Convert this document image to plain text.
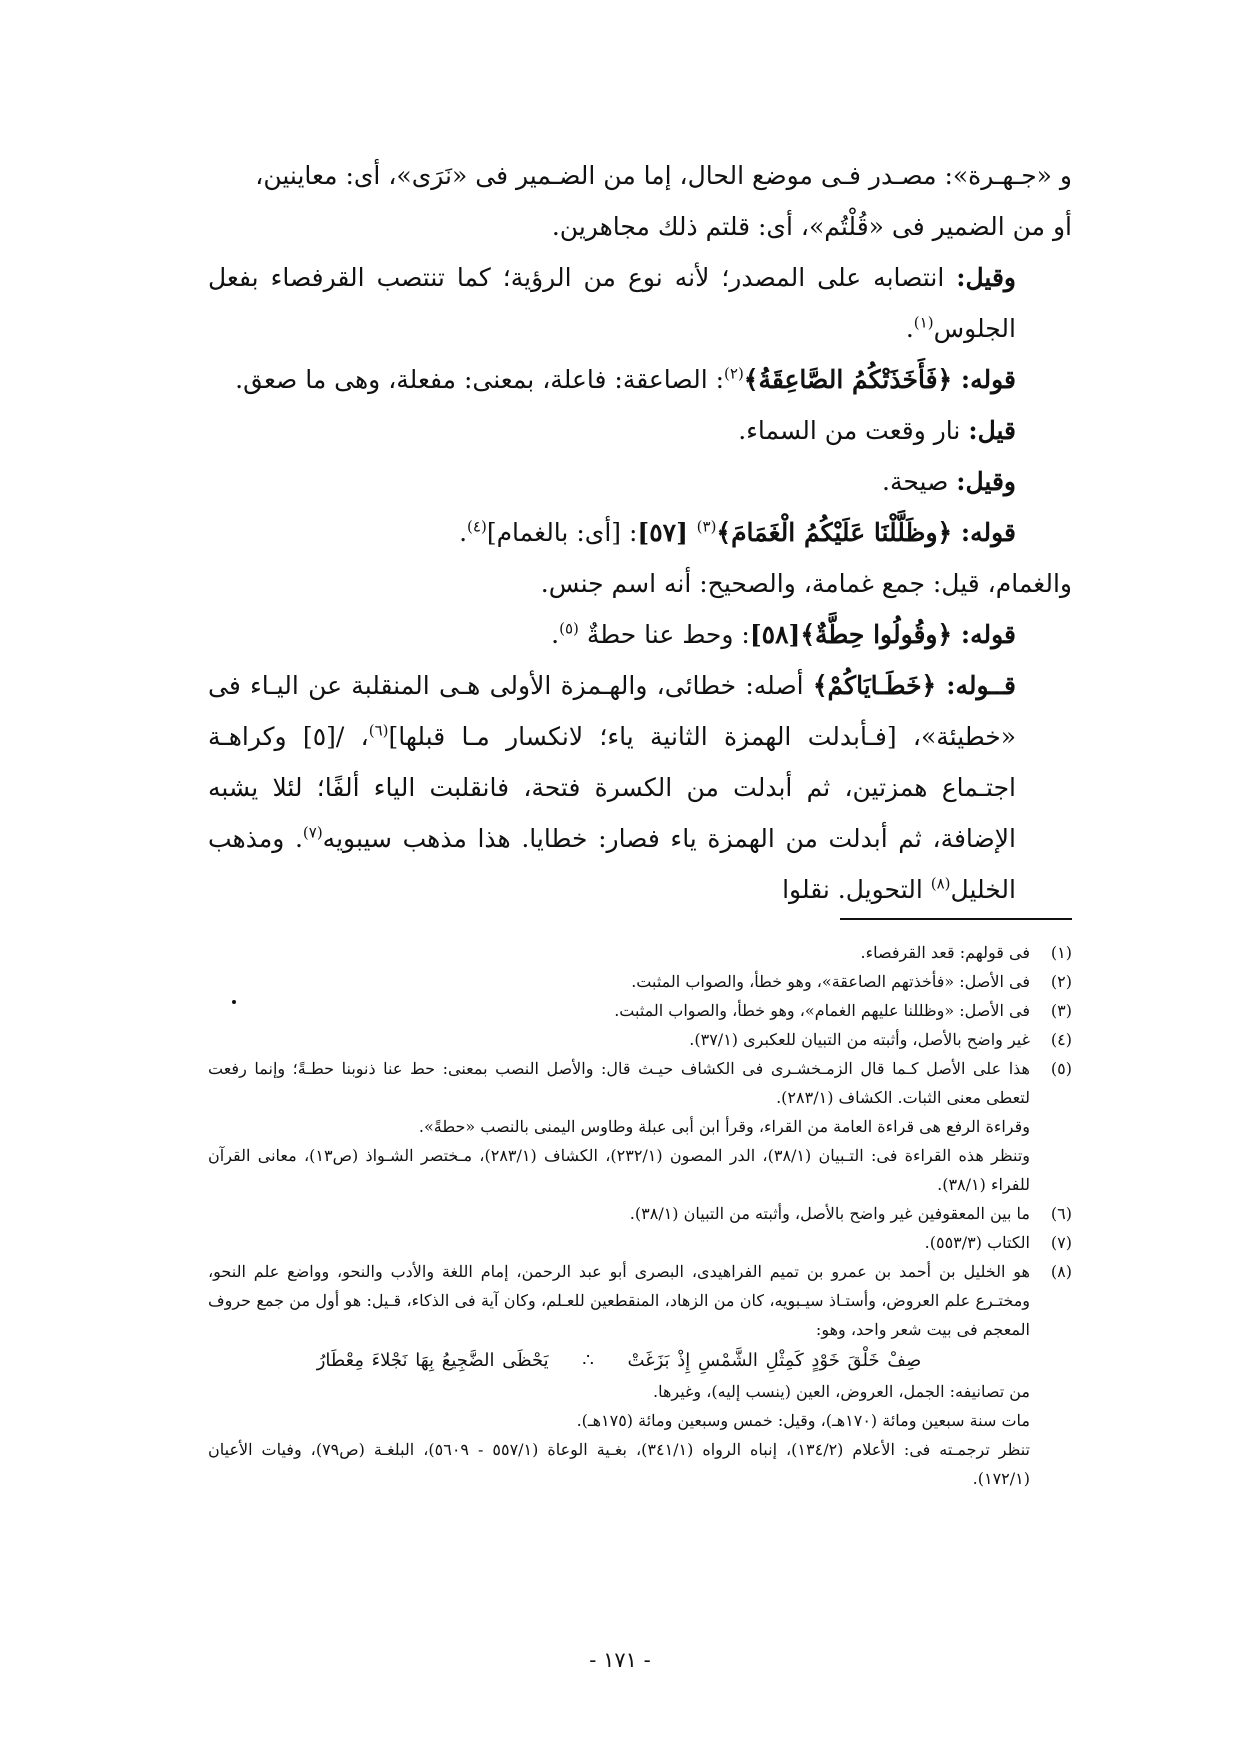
و «جـهـرة»: مصـدر فـى موضع الحال، إما من الضـمير فى «نَرَى»، أى: معاينين،
أو من الضمير فى «قُلْتُم»، أى: قلتم ذلك مجاهرين.

وقيل: انتصابه على المصدر؛ لأنه نوع من الرؤية؛ كما تنتصب القرفصاء بفعل الجلوس$^{(١)}$.

قوله: ﴿فَأَخَذَتْكُمُ الصَّاعِقَةُ﴾$^{(٢)}$: الصاعقة: فاعلة، بمعنى: مفعلة، وهى ما صعق.

قيل: نار وقعت من السماء.

وقيل: صيحة.

قوله: ﴿وظَلَّلْنَا عَلَيْكُمُ الْغَمَامَ﴾$^{(٣)}$ [٥٧]: [أى: بالغمام]$^{(٤)}$.

والغمام، قيل: جمع غمامة، والصحيح: أنه اسم جنس.

قوله: ﴿وقُولُوا حِطَّةٌ﴾[٥٨]: وحط عنا حطةٌ $^{(٥)}$.

قــوله: ﴿خَطَـايَاكُمْ﴾ أصله: خطائى، والهـمزة الأولى هـى المنقلبة عن اليـاء فى «خطيئة»، [فـأبدلت الهمزة الثانية ياء؛ لانكسار مـا قبلها]$^{(٦)}$، /[٥] وكراهـة اجتـماع همزتين، ثم أبدلت من الكسرة فتحة، فانقلبت الياء ألفًا؛ لئلا يشبه الإضافة، ثم أبدلت من الهمزة ياء فصار: خطايا. هذا مذهب سيبويه$^{(٧)}$. ومذهب الخليل$^{(٨)}$ التحويل. نقلوا

(١)

فى قولهم: قعد القرفصاء.

(٢)

فى الأصل: «فأخذتهم الصاعقة»، وهو خطأ، والصواب المثبت.

(٣)

فى الأصل: «وظللنا عليهم الغمام»، وهو خطأ، والصواب المثبت.

(٤)

غير واضح بالأصل، وأثبته من التبيان للعكبرى (٣٧/١).

(٥)

هذا على الأصل كـما قال الزمـخشـرى فى الكشاف حيـث قال: والأصل النصب بمعنى: حط عنا ذنوبنا حطـةً؛ وإنما رفعت لتعطى معنى الثبات. الكشاف (٢٨٣/١).

وقراءة الرفع هى قراءة العامة من القراء، وقرأ ابن أبى عبلة وطاوس اليمنى بالنصب «حطةً».

وتنظر هذه القراءة فى: التـبيان (٣٨/١)، الدر المصون (٢٣٢/١)، الكشاف (٢٨٣/١)، مـختصر الشـواذ (ص١٣)، معانى القرآن للفراء (٣٨/١).

(٦)

ما بين المعقوفين غير واضح بالأصل، وأثبته من التبيان (٣٨/١).

(٧)

الكتاب (٥٥٣/٣).

(٨)

هو الخليل بن أحمد بن عمرو بن تميم الفراهيدى، البصرى أبو عبد الرحمن، إمام اللغة والأدب والنحو، وواضع علم النحو، ومختـرع علم العروض، وأستـاذ سيـبويه، كان من الزهاد، المنقطعين للعـلم، وكان آية فى الذكاء، قـيل: هو أول من جمع حروف المعجم فى بيت شعر واحد، وهو:

صِفْ خَلْقَ خَوْدٍ كَمِثْلِ الشَّمْسِ إِذْ بَزَغَتْ ∴ يَحْظَى الضَّجِيعُ بِهَا نَجْلاءَ مِعْطَارُ

من تصانيفه: الجمل، العروض، العين (ينسب إليه)، وغيرها.

مات سنة سبعين ومائة (١٧٠هـ)، وقيل: خمس وسبعين ومائة (١٧٥هـ).

تنظر ترجمـته فى: الأعلام (١٣٤/٢)، إنباه الرواه (٣٤١/١)، بغـية الوعاة (٥٥٧/١ - ٥٦٠٩)، البلغـة (ص٧٩)، وفيات الأعيان (١٧٢/١).

- ١٧١ -
